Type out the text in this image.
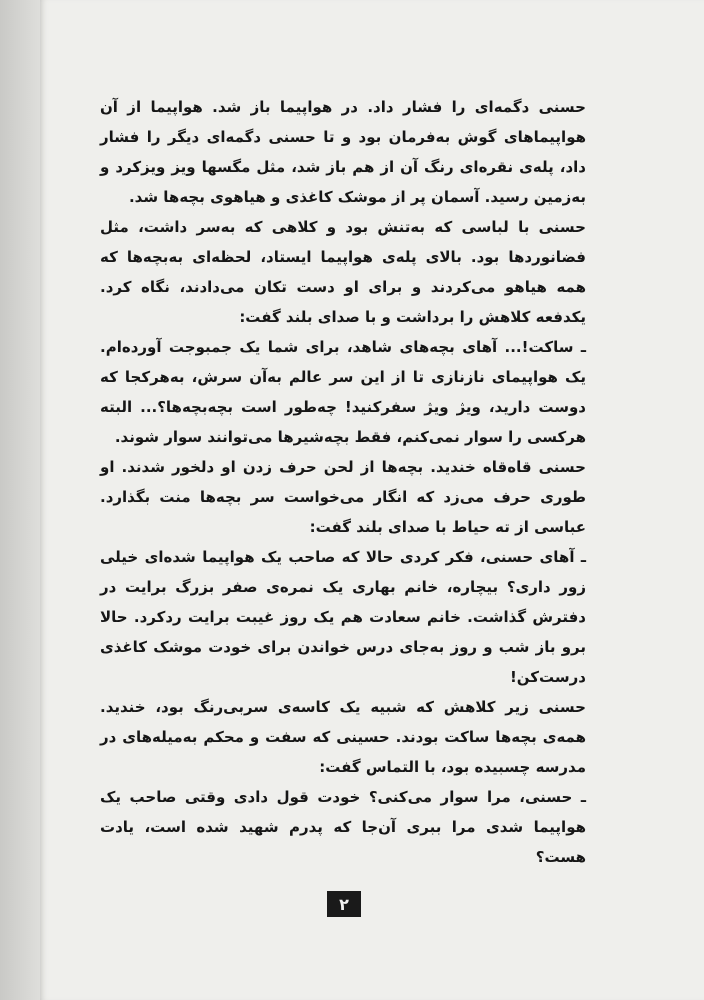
حسنی دگمه‌ای را فشار داد. در هواپیما باز شد. هواپیما از آن هواپیماهای گوش به‌فرمان بود و تا حسنی دگمه‌ای دیگر را فشار داد، پله‌ی نقره‌ای رنگ آن از هم باز شد، مثل مگسها ویز ویزکرد و به‌زمین رسید. آسمان پر از موشک کاغذی و هیاهوی بچه‌ها شد.

حسنی با لباسی که به‌تنش بود و کلاهی که به‌سر داشت، مثل فضانوردها بود. بالای پله‌ی هواپیما ایستاد، لحظه‌ای به‌بچه‌ها که همه هیاهو می‌کردند و برای او دست تکان می‌دادند، نگاه کرد. یکدفعه کلاهش را برداشت و با صدای بلند گفت:

ـ ساکت!... آهای بچه‌های شاهد، برای شما یک جمبوجت آورده‌ام. یک هواپیمای نازنازی تا از این سر عالم به‌آن سرش، به‌هرکجا که دوست دارید، ویژ ویژ سفرکنید! چه‌طور است بچه‌بچه‌ها؟... البته هرکسی را سوار نمی‌کنم، فقط بچه‌شیرها می‌توانند سوار شوند.

حسنی قاه‌قاه خندید. بچه‌ها از لحن حرف زدن او دلخور شدند. او طوری حرف می‌زد که انگار می‌خواست سر بچه‌ها منت بگذارد. عباسی از ته حیاط با صدای بلند گفت:

ـ آهای حسنی، فکر کردی حالا که صاحب یک هواپیما شده‌ای خیلی زور داری؟ بیچاره، خانم بهاری یک نمره‌ی صفر بزرگ برایت در دفترش گذاشت. خانم سعادت هم یک روز غیبت برایت ردکرد. حالا برو باز شب و روز به‌جای درس خواندن برای خودت موشک کاغذی درست‌کن!

حسنی زیر کلاهش که شبیه یک کاسه‌ی سربی‌رنگ بود، خندید. همه‌ی بچه‌ها ساکت بودند. حسینی که سفت و محکم به‌میله‌های در مدرسه چسبیده بود، با التماس گفت:

ـ حسنی، مرا سوار می‌کنی؟ خودت قول دادی وقتی صاحب یک هواپیما شدی مرا ببری آن‌جا که پدرم شهید شده است، یادت هست؟

۲
